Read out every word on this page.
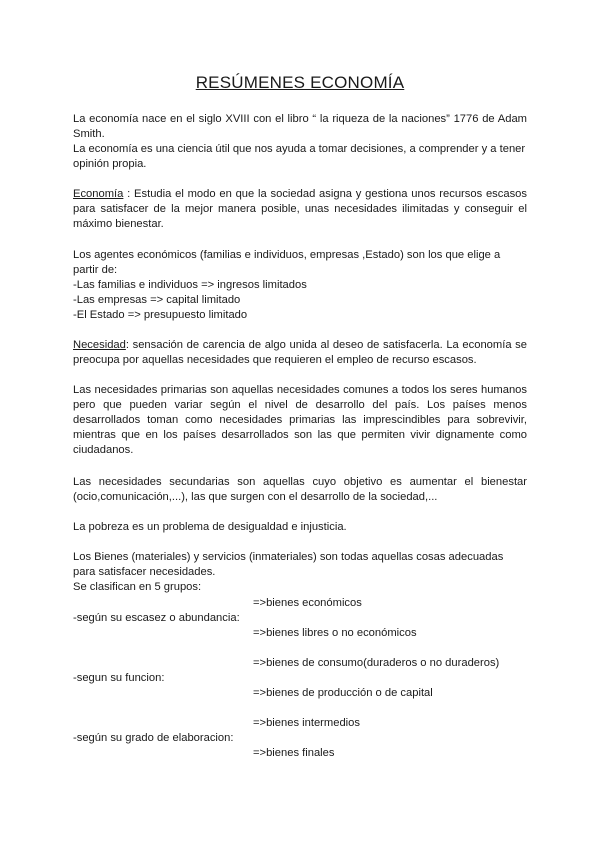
RESÚMENES ECONOMÍA
La economía nace en el siglo XVIII con el libro “ la riqueza de la naciones” 1776 de Adam Smith.
La economía es una ciencia útil que nos ayuda a tomar decisiones, a comprender y a tener opinión propia.
Economía : Estudia el modo en que la sociedad asigna y gestiona unos recursos escasos para satisfacer de la mejor manera posible, unas necesidades ilimitadas y conseguir el máximo bienestar.
Los agentes económicos (familias e individuos, empresas ,Estado) son los que elige a partir de:
-Las familias e individuos => ingresos limitados
-Las empresas => capital limitado
-El Estado => presupuesto limitado
Necesidad: sensación de carencia de algo unida al deseo de satisfacerla. La economía se preocupa por aquellas necesidades que requieren el empleo de recurso escasos.
Las necesidades primarias son aquellas necesidades comunes a todos los seres humanos pero que pueden variar según el nivel de desarrollo del país. Los países menos desarrollados toman como necesidades primarias las imprescindibles para sobrevivir, mientras que en los países desarrollados son las que permiten vivir dignamente como ciudadanos.
Las necesidades secundarias son aquellas cuyo objetivo es aumentar el bienestar (ocio,comunicación,...), las que surgen con el desarrollo de la sociedad,...
La pobreza es un problema de desigualdad e injusticia.
Los Bienes (materiales) y servicios (inmateriales) son todas aquellas cosas adecuadas para satisfacer necesidades.
Se clasifican en 5 grupos:
=>bienes económicos
-según su escasez o abundancia:
=>bienes libres o no económicos
=>bienes de consumo(duraderos o no duraderos)
-segun su funcion:
=>bienes de producción o de capital
=>bienes intermedios
-según su grado de elaboracion:
=>bienes finales
